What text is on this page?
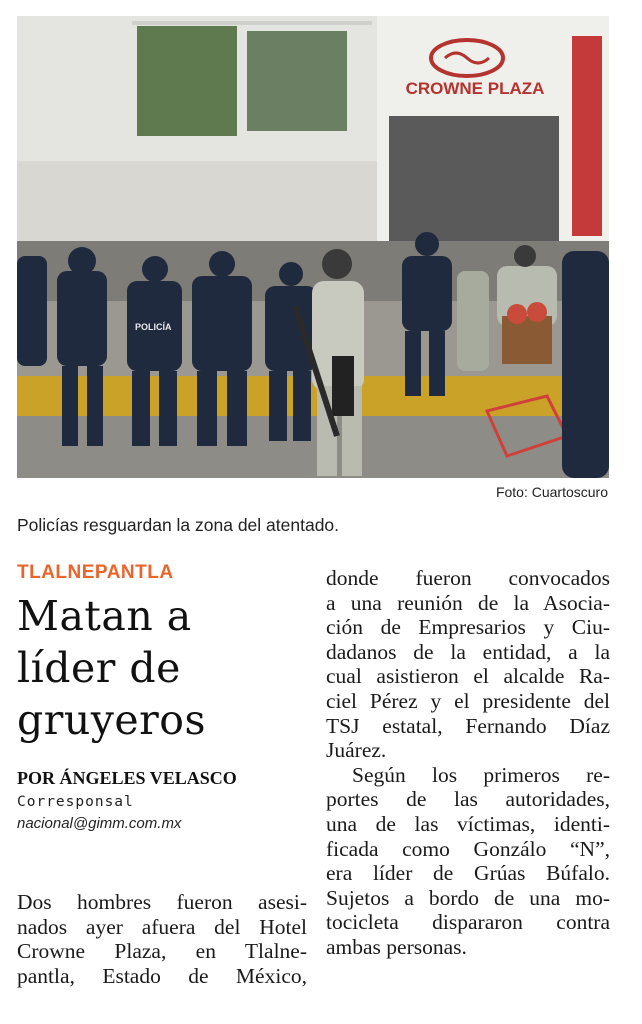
CROWNE PLAZA
POLICÍA
Foto: Cuartoscuro
Policías resguardan la zona del atentado.
TLALNEPANTLA
Matan a
líder de
gruyeros
POR ÁNGELES VELASCO
Corresponsal
nacional@gimm.com.mx

Dos hombres fueron asesi-
nados ayer afuera del Hotel
Crowne Plaza, en Tlalne-
pantla, Estado de México,

donde fueron convocados
a una reunión de la Asocia-
ción de Empresarios y Ciu-
dadanos de la entidad, a la
cual asistieron el alcalde Ra-
ciel Pérez y el presidente del
TSJ estatal, Fernando Díaz
Juárez.

Según los primeros re-
portes de las autoridades,
una de las víctimas, identi-
ficada como Gonzálo “N”,
era líder de Grúas Búfalo.
Sujetos a bordo de una mo-
tocicleta dispararon contra
ambas personas.
